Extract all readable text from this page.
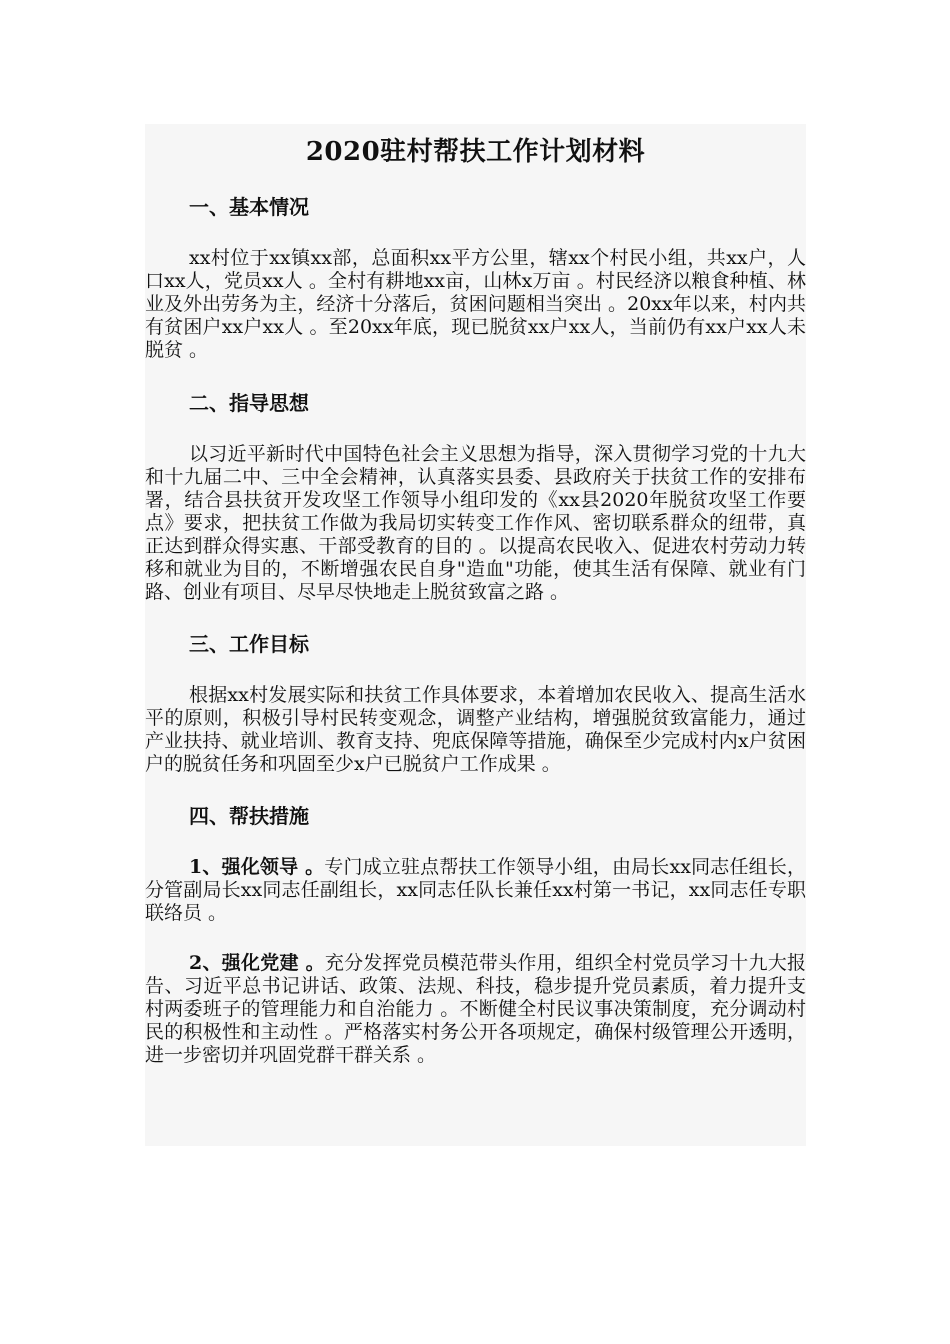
2020驻村帮扶工作计划材料
一、基本情况

xx村位于xx镇xx部，总面积xx平方公里，辖xx个村民小组，共xx户，人口xx人，党员xx人 。全村有耕地xx亩，山林x万亩 。村民经济以粮食种植、林业及外出劳务为主，经济十分落后，贫困问题相当突出 。20xx年以来，村内共有贫困户xx户xx人 。至20xx年底，现已脱贫xx户xx人，当前仍有xx户xx人未脱贫 。

二、指导思想

以习近平新时代中国特色社会主义思想为指导，深入贯彻学习党的十九大和十九届二中、三中全会精神，认真落实县委、县政府关于扶贫工作的安排布署，结合县扶贫开发攻坚工作领导小组印发的《xx县2020年脱贫攻坚工作要点》要求，把扶贫工作做为我局切实转变工作作风、密切联系群众的纽带，真正达到群众得实惠、干部受教育的目的 。以提高农民收入、促进农村劳动力转移和就业为目的，不断增强农民自身"造血"功能，使其生活有保障、就业有门路、创业有项目、尽早尽快地走上脱贫致富之路 。

三、工作目标

根据xx村发展实际和扶贫工作具体要求，本着增加农民收入、提高生活水平的原则，积极引导村民转变观念，调整产业结构，增强脱贫致富能力，通过产业扶持、就业培训、教育支持、兜底保障等措施，确保至少完成村内x户贫困户的脱贫任务和巩固至少x户已脱贫户工作成果 。

四、帮扶措施

1、强化领导 。专门成立驻点帮扶工作领导小组，由局长xx同志任组长，分管副局长xx同志任副组长，xx同志任队长兼任xx村第一书记，xx同志任专职联络员 。

2、强化党建 。充分发挥党员模范带头作用，组织全村党员学习十九大报告、习近平总书记讲话、政策、法规、科技，稳步提升党员素质，着力提升支村两委班子的管理能力和自治能力 。不断健全村民议事决策制度，充分调动村民的积极性和主动性 。严格落实村务公开各项规定，确保村级管理公开透明，进一步密切并巩固党群干群关系 。
